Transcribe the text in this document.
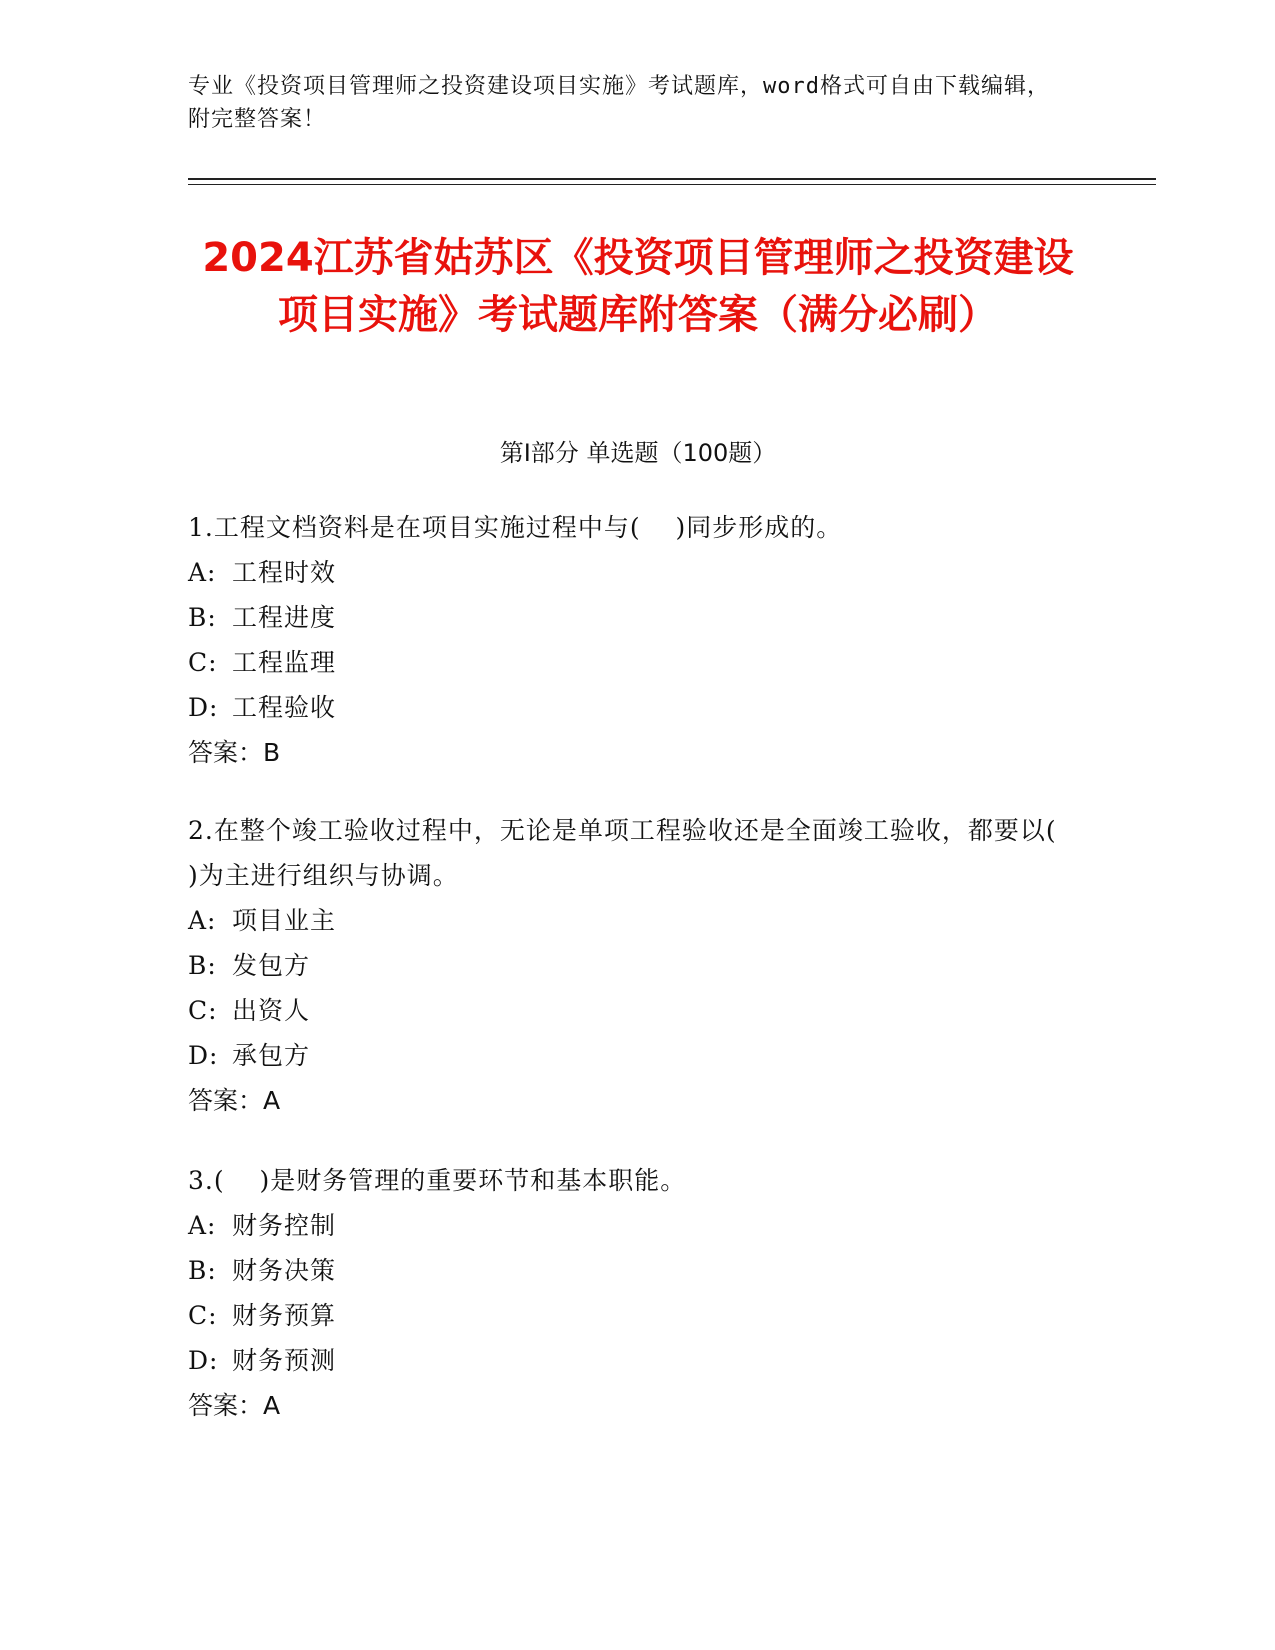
专业《投资项目管理师之投资建设项目实施》考试题库，word格式可自由下载编辑，附完整答案！
2024江苏省姑苏区《投资项目管理师之投资建设项目实施》考试题库附答案（满分必刷）
第Ⅰ部分 单选题（100题）

1.工程文档资料是在项目实施过程中与(　 )同步形成的。

A: 工程时效
B: 工程进度
C: 工程监理
D: 工程验收
答案：B

2.在整个竣工验收过程中，无论是单项工程验收还是全面竣工验收，都要以(　 )为主进行组织与协调。

A: 项目业主
B: 发包方
C: 出资人
D: 承包方
答案：A

3.(　 )是财务管理的重要环节和基本职能。

A: 财务控制
B: 财务决策
C: 财务预算
D: 财务预测
答案：A
